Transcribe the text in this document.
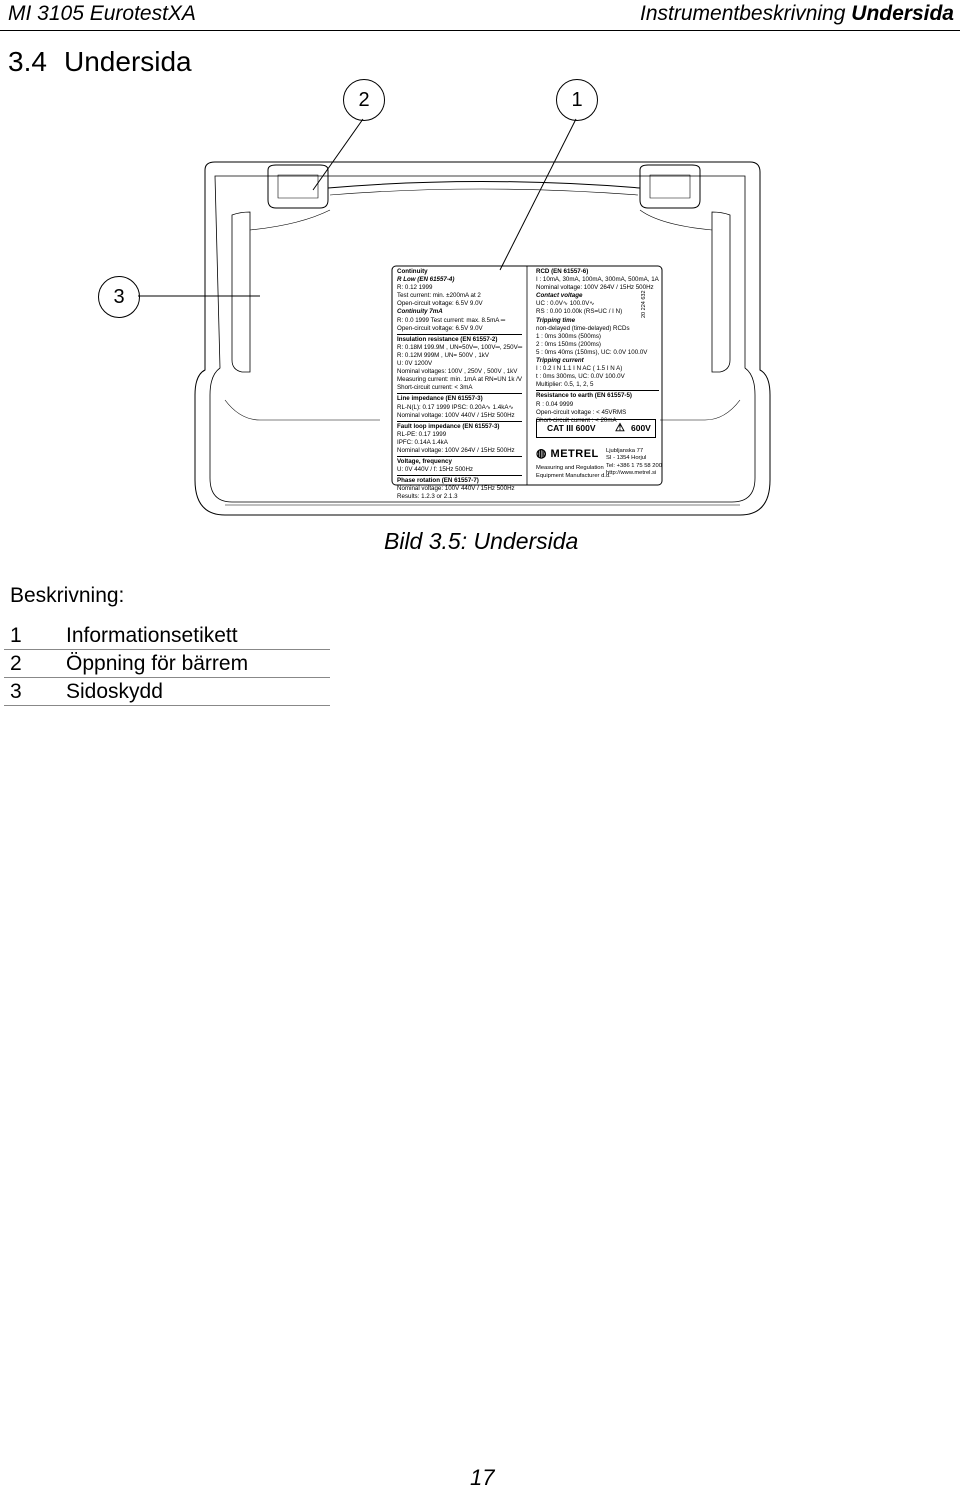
MI 3105 EurotestXA	Instrumentbeskrivning Undersida
3.4 Undersida
2	1
3
Continuity
R Low (EN 61557-4)
R: 0.12 1999
Test current: min. ±200mA at 2
Open-circuit voltage: 6.5V 9.0V
Continuity 7mA
R: 0.0 1999 Test current: max. 8.5mA ═
Open-circuit voltage: 6.5V 9.0V
Insulation resistance (EN 61557-2)
R: 0.18M 199.9M , UN=50V═, 100V═, 250V═
R: 0.12M 999M , UN= 500V , 1kV
U: 0V 1200V
Nominal voltages: 100V , 250V , 500V , 1kV
Measuring current: min. 1mA at RN=UN 1k /V
Short-circuit current: < 3mA
Line impedance (EN 61557-3)
RL-N(L): 0.17 1999 IPSC: 0.20A∿ 1.4kA∿
Nominal voltage: 100V 440V / 15Hz 500Hz
Fault loop impedance (EN 61557-3)
RL-PE: 0.17 1999
IPFC: 0.14A 1.4kA
Nominal voltage: 100V 264V / 15Hz 500Hz
Voltage, frequency
U: 0V 440V / f: 15Hz 500Hz
Phase rotation (EN 61557-7)
Nominal voltage: 100V 440V / 15Hz 500Hz
Results: 1.2.3 or 2.1.3
RCD (EN 61557-6)
I : 10mA, 30mA, 100mA, 300mA, 500mA, 1A
Nominal voltage: 100V 264V / 15Hz 500Hz
Contact voltage
UC : 0.0V∿ 100.0V∿
RS : 0.00 10.00k (RS=UC / I N)
Tripping time
non-delayed (time-delayed) RCDs
1 : 0ms 300ms (500ms)
2 : 0ms 150ms (200ms)
5 : 0ms 40ms (150ms), UC: 0.0V 100.0V
Tripping current
I : 0.2 I N 1.1 I N AC ( 1.5 I N A)
t : 0ms 300ms, UC: 0.0V 100.0V
Multiplier: 0.5, 1, 2, 5
Resistance to earth (EN 61557-5)
R : 0.04 9999
Open-circuit voltage : < 45VRMS
Short-circuit current : < 20mA
20 224 632
CAT III 600V ⚠ 600V
◍ METREL
Measuring and Regulation
Equipment Manufacturer d.d.
Ljubljanska 77
SI - 1354 Horjul
Tel: +386 1 75 58 200
http://www.metrel.si
Bild 3.5: Undersida
Beskrivning:
1	Informationsetikett
2	Öppning för bärrem
3	Sidoskydd
17
